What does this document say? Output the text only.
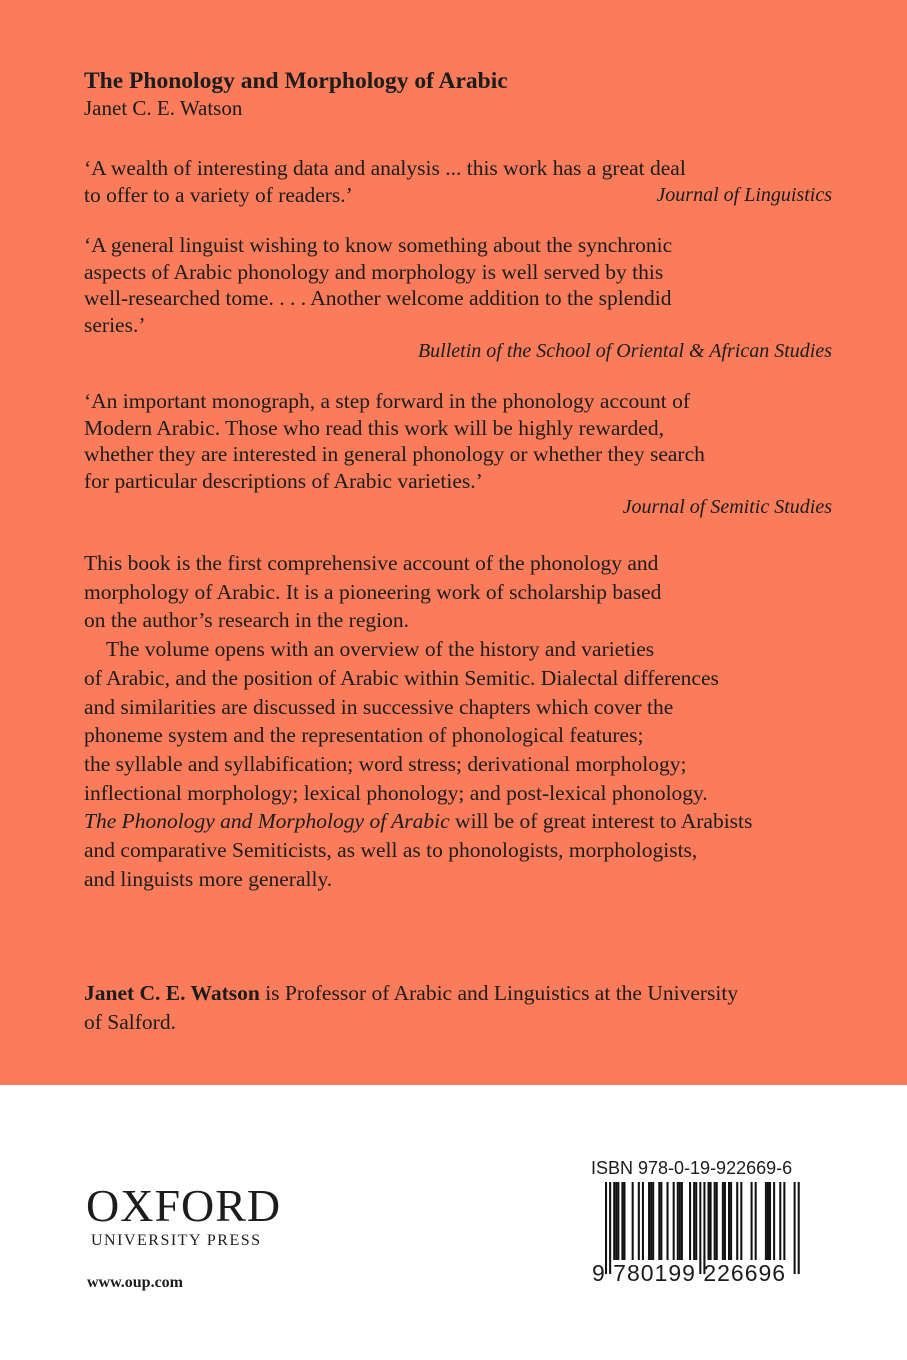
The Phonology and Morphology of Arabic
Janet C. E. Watson
‘A wealth of interesting data and analysis ... this work has a great deal
to offer to a variety of readers.’	Journal of Linguistics
‘A general linguist wishing to know something about the synchronic
aspects of Arabic phonology and morphology is well served by this
well-researched tome. . . . Another welcome addition to the splendid
series.’
Bulletin of the School of Oriental & African Studies
‘An important monograph, a step forward in the phonology account of
Modern Arabic. Those who read this work will be highly rewarded,
whether they are interested in general phonology or whether they search
for particular descriptions of Arabic varieties.’
Journal of Semitic Studies
This book is the first comprehensive account of the phonology and
morphology of Arabic. It is a pioneering work of scholarship based
on the author’s research in the region.
The volume opens with an overview of the history and varieties
of Arabic, and the position of Arabic within Semitic. Dialectal differences
and similarities are discussed in successive chapters which cover the
phoneme system and the representation of phonological features;
the syllable and syllabification; word stress; derivational morphology;
inflectional morphology; lexical phonology; and post-lexical phonology.
The Phonology and Morphology of Arabic will be of great interest to Arabists
and comparative Semiticists, as well as to phonologists, morphologists,
and linguists more generally.
Janet C. E. Watson is Professor of Arabic and Linguistics at the University
of Salford.
OXFORD
UNIVERSITY PRESS
www.oup.com
ISBN 978-0-19-922669-6
9 780199 226696
